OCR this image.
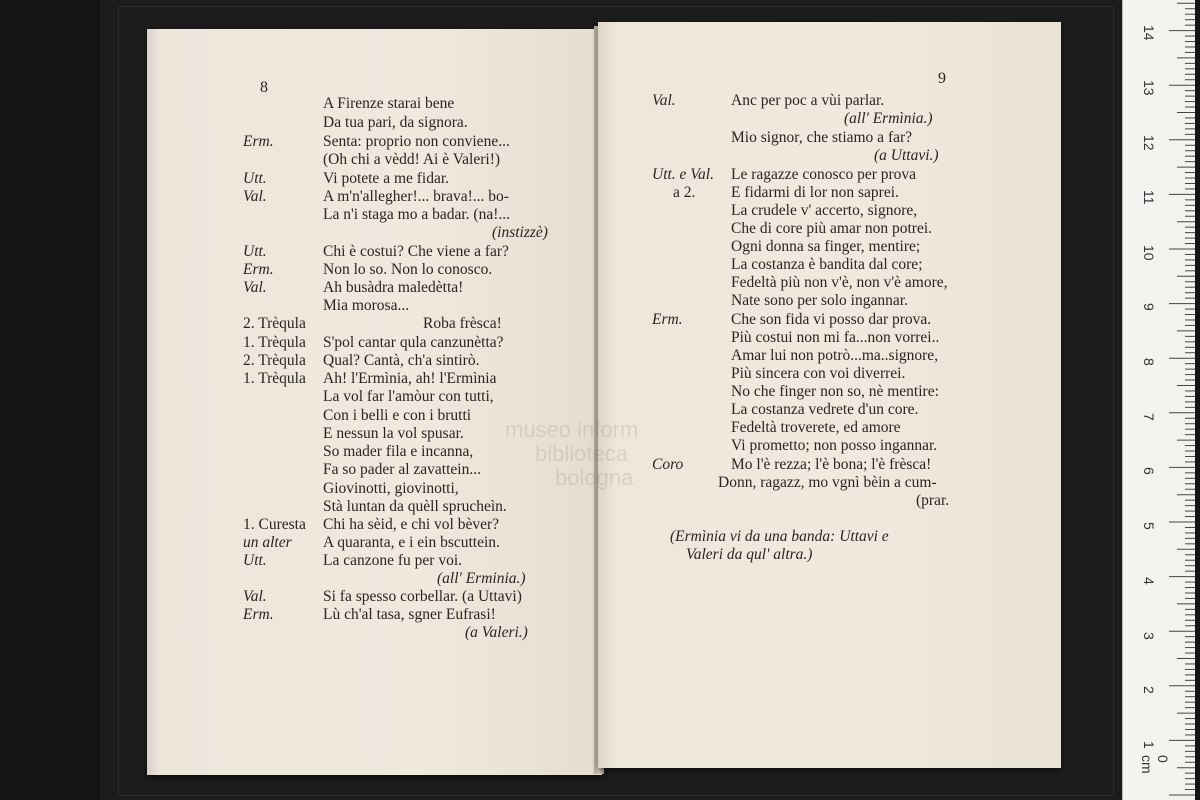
8
A Firenze starai bene
Da tua pari, da signora.
Erm.	Senta: proprio non conviene...
(Oh chi a vèdd! Ai è Valeri!)
Utt.	Vi potete a me fidar.
Val.	A m'n'allegher!... brava!... bo-
La n'i staga mo a badar. (na!...
(instizzè)
Utt.	Chi è costui? Che viene a far?
Erm.	Non lo so. Non lo conosco.
Val.	Ah busàdra maledètta!
Mia morosa...
2. Trèqula	Roba frèsca!
1. Trèqula S'pol cantar qula canzunètta?
2. Trèqula Qual? Cantà, ch'a sintirò.
1. Trèqula Ah! l'Ermìnia, ah! l'Ermìnia
La vol far l'amòur con tutti,
Con i belli e con i brutti
E nessun la vol spusar.
So mader fila e incanna,
Fa so pader al zavattein...
Giovinotti, giovinotti,
Stà luntan da quèll sprucheìn.
1. Curesta Chi ha sèid, e chi vol bèver?
un alter A quaranta, e i ein bscuttein.
Utt.	La canzone fu per voi.
(all' Erminia.)
Val.	Si fa spesso corbellar. (a Uttavi)
Erm.	Lù ch'al tasa, sgner Eufrasi!
(a Valeri.)
9
Val.	Anc per poc a vùi parlar.
(all' Ermìnia.)
Mio signor, che stiamo a far?
(a Uttavi.)
Utt. e Val. Le ragazze conosco per prova
a 2. E fidarmi di lor non saprei.
La crudele v' accerto, signore,
Che di core più amar non potrei.
Ogni donna sa finger, mentire;
La costanza è bandita dal core;
Fedeltà più non v'è, non v'è amore,
Nate sono per solo ingannar.
Erm.	Che son fida vi posso dar prova.
Più costui non mi fa...non vorrei..
Amar lui non potrò...ma..signore,
Più sincera con voi diverrei.
No che finger non so, nè mentire:
La costanza vedrete d'un core.
Fedeltà troverete, ed amore
Vi prometto; non posso ingannar.
Coro	Mo l'è rezza; l'è bona; l'è frèsca!
Donn, ragazz, mo vgnì bèin a cum-
(prar.
(Ermìnia vi da una banda: Uttavi e
Valeri da qul' altra.)
museo inform
biblioteca
bologna
0 cm
1
2
3
4
5
6
7
8
9
10
11
12
13
14
